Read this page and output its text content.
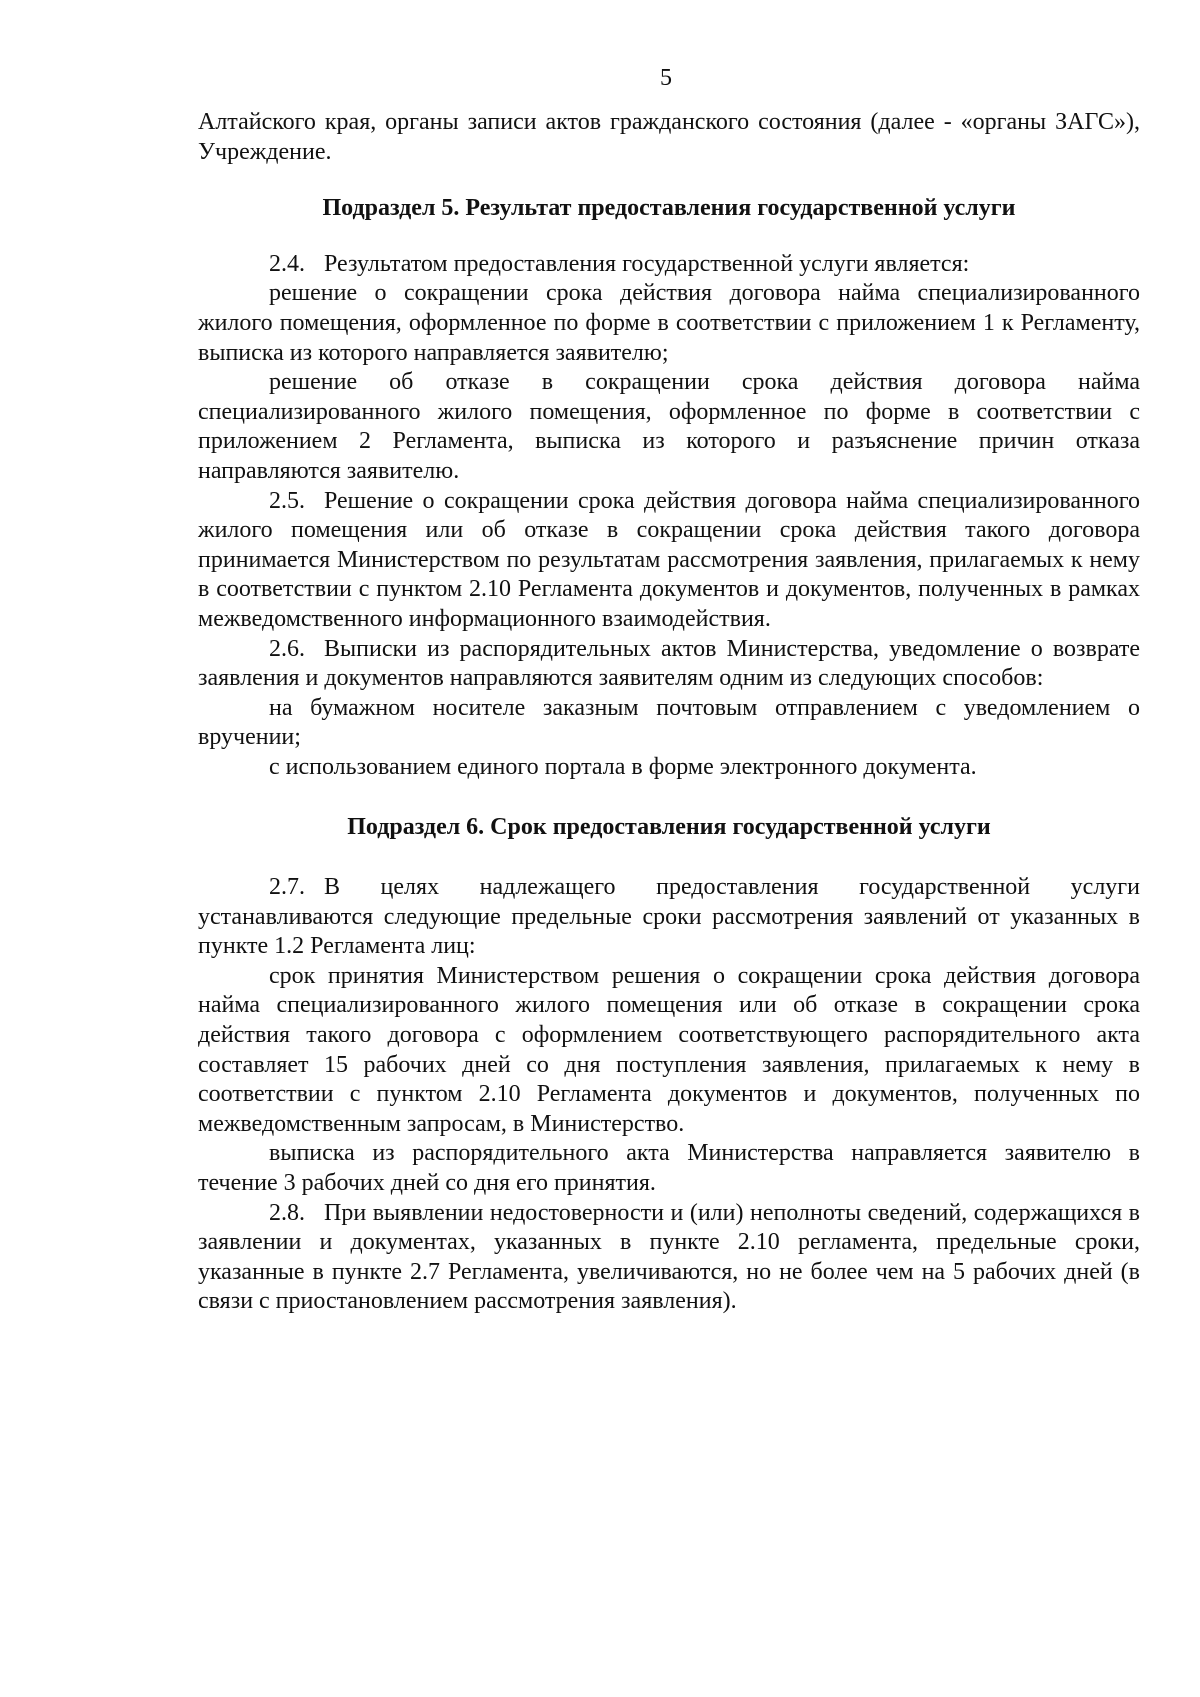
5

Алтайского края, органы записи актов гражданского состояния (далее - «органы ЗАГС»), Учреждение.

Подраздел 5. Результат предоставления государственной услуги

2.4. Результатом предоставления государственной услуги является:

решение о сокращении срока действия договора найма специализированного жилого помещения, оформленное по форме в соответствии с приложением 1 к Регламенту, выписка из которого направляется заявителю;

решение об отказе в сокращении срока действия договора найма специализированного жилого помещения, оформленное по форме в соответствии с приложением 2 Регламента, выписка из которого и разъяснение причин отказа направляются заявителю.

2.5. Решение о сокращении срока действия договора найма специализированного жилого помещения или об отказе в сокращении срока действия такого договора принимается Министерством по результатам рассмотрения заявления, прилагаемых к нему в соответствии с пунктом 2.10 Регламента документов и документов, полученных в рамках межведомственного информационного взаимодействия.

2.6. Выписки из распорядительных актов Министерства, уведомление о возврате заявления и документов направляются заявителям одним из следующих способов:

на бумажном носителе заказным почтовым отправлением с уведомлением о вручении;

с использованием единого портала в форме электронного документа.

Подраздел 6. Срок предоставления государственной услуги

2.7. В целях надлежащего предоставления государственной услуги устанавливаются следующие предельные сроки рассмотрения заявлений от указанных в пункте 1.2 Регламента лиц:

срок принятия Министерством решения о сокращении срока действия договора найма специализированного жилого помещения или об отказе в сокращении срока действия такого договора с оформлением соответствующего распорядительного акта составляет 15 рабочих дней со дня поступления заявления, прилагаемых к нему в соответствии с пунктом 2.10 Регламента документов и документов, полученных по межведомственным запросам, в Министерство.

выписка из распорядительного акта Министерства направляется заявителю в течение 3 рабочих дней со дня его принятия.

2.8. При выявлении недостоверности и (или) неполноты сведений, содержащихся в заявлении и документах, указанных в пункте 2.10 регламента, предельные сроки, указанные в пункте 2.7 Регламента, увеличиваются, но не более чем на 5 рабочих дней (в связи с приостановлением рассмотрения заявления).
